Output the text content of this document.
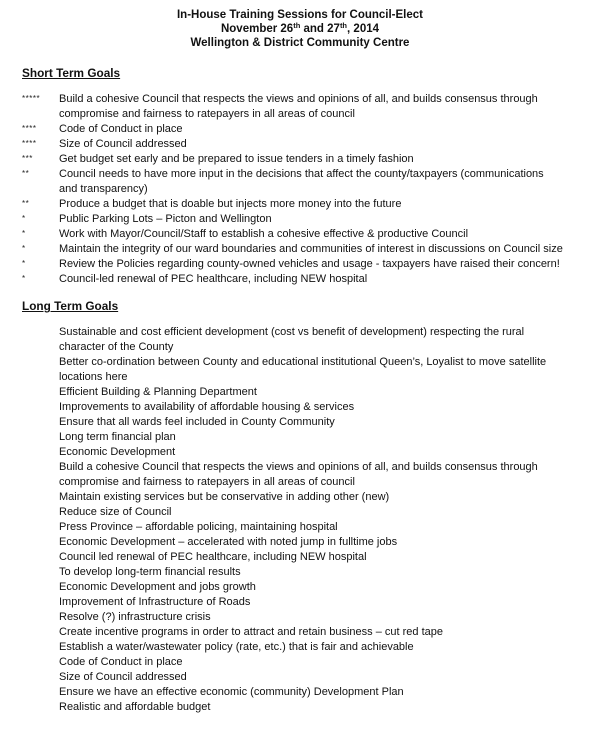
In-House Training Sessions for Council-Elect
November 26th and 27th, 2014
Wellington & District Community Centre
Short Term Goals
***** Build a cohesive Council that respects the views and opinions of all, and builds consensus through
compromise and fairness to ratepayers in all areas of council
**** Code of Conduct in place
**** Size of Council addressed
*** Get budget set early and be prepared to issue tenders in a timely fashion
**	Council needs to have more input in the decisions that affect the county/taxpayers (communications
and transparency)
**	Produce a budget that is doable but injects more money into the future
*	Public Parking Lots – Picton and Wellington
*	Work with Mayor/Council/Staff to establish a cohesive effective & productive Council
*	Maintain the integrity of our ward boundaries and communities of interest in discussions on Council size
*	Review the Policies regarding county-owned vehicles and usage - taxpayers have raised their concern!
*	Council-led renewal of PEC healthcare, including NEW hospital
Long Term Goals
Sustainable and cost efficient development (cost vs benefit of development) respecting the rural
character of the County
Better co-ordination between County and educational institutional Queen’s, Loyalist to move satellite
locations here
Efficient Building & Planning Department
Improvements to availability of affordable housing & services
Ensure that all wards feel included in County Community
Long term financial plan
Economic Development
Build a cohesive Council that respects the views and opinions of all, and builds consensus through
compromise and fairness to ratepayers in all areas of council
Maintain existing services but be conservative in adding other (new)
Reduce size of Council
Press Province – affordable policing, maintaining hospital
Economic Development – accelerated with noted jump in fulltime jobs
Council led renewal of PEC healthcare, including NEW hospital
To develop long-term financial results
Economic Development and jobs growth
Improvement of Infrastructure of Roads
Resolve (?) infrastructure crisis
Create incentive programs in order to attract and retain business – cut red tape
Establish a water/wastewater policy (rate, etc.) that is fair and achievable
Code of Conduct in place
Size of Council addressed
Ensure we have an effective economic (community) Development Plan
Realistic and affordable budget
